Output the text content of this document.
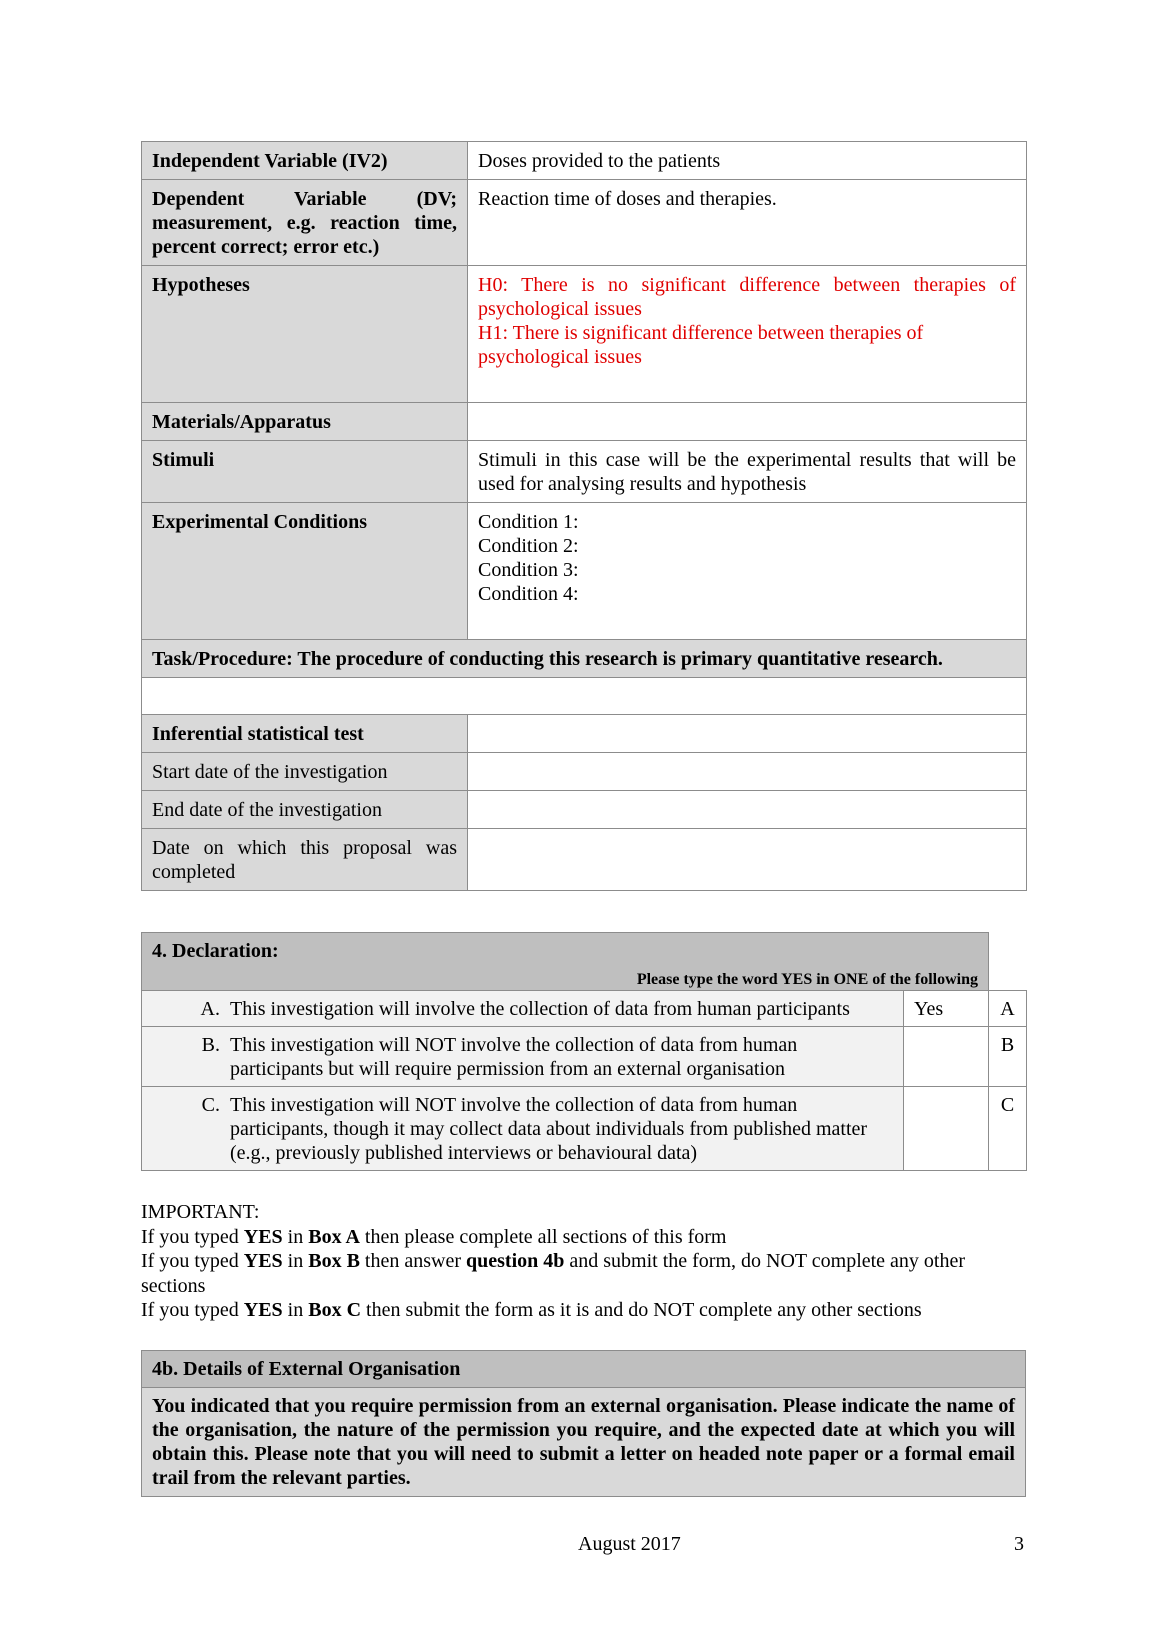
Independent Variable (IV2)	Doses provided to the patients
Dependent Variable (DV; measurement, e.g. reaction time, percent correct; error etc.)	Reaction time of doses and therapies.
Hypotheses	H0: There is no significant difference between therapies of psychological issues
H1: There is significant difference between therapies of psychological issues

Materials/Apparatus	
Stimuli	Stimuli in this case will be the experimental results that will be used for analysing results and hypothesis
Experimental Conditions	Condition 1:
Condition 2:
Condition 3:
Condition 4:

Task/Procedure: The procedure of conducting this research is primary quantitative research.	

Inferential statistical test	
Start date of the investigation	
End date of the investigation	
Date on which this proposal was completed	
4. Declaration:
Please type the word YES in ONE of the following		

A. This investigation will involve the collection of data from human participants	Yes	A

B. This investigation will NOT involve the collection of data from human participants but will require permission from an external organisation		B

C. This investigation will NOT involve the collection of data from human participants, though it may collect data about individuals from published matter (e.g., previously published interviews or behavioural data)		C
IMPORTANT:
If you typed YES in Box A then please complete all sections of this form
If you typed YES in Box B then answer question 4b and submit the form, do NOT complete any other sections
If you typed YES in Box C then submit the form as it is and do NOT complete any other sections
4b. Details of External Organisation
You indicated that you require permission from an external organisation. Please indicate the name of the organisation, the nature of the permission you require, and the expected date at which you will obtain this. Please note that you will need to submit a letter on headed note paper or a formal email trail from the relevant parties.
August 2017	3
